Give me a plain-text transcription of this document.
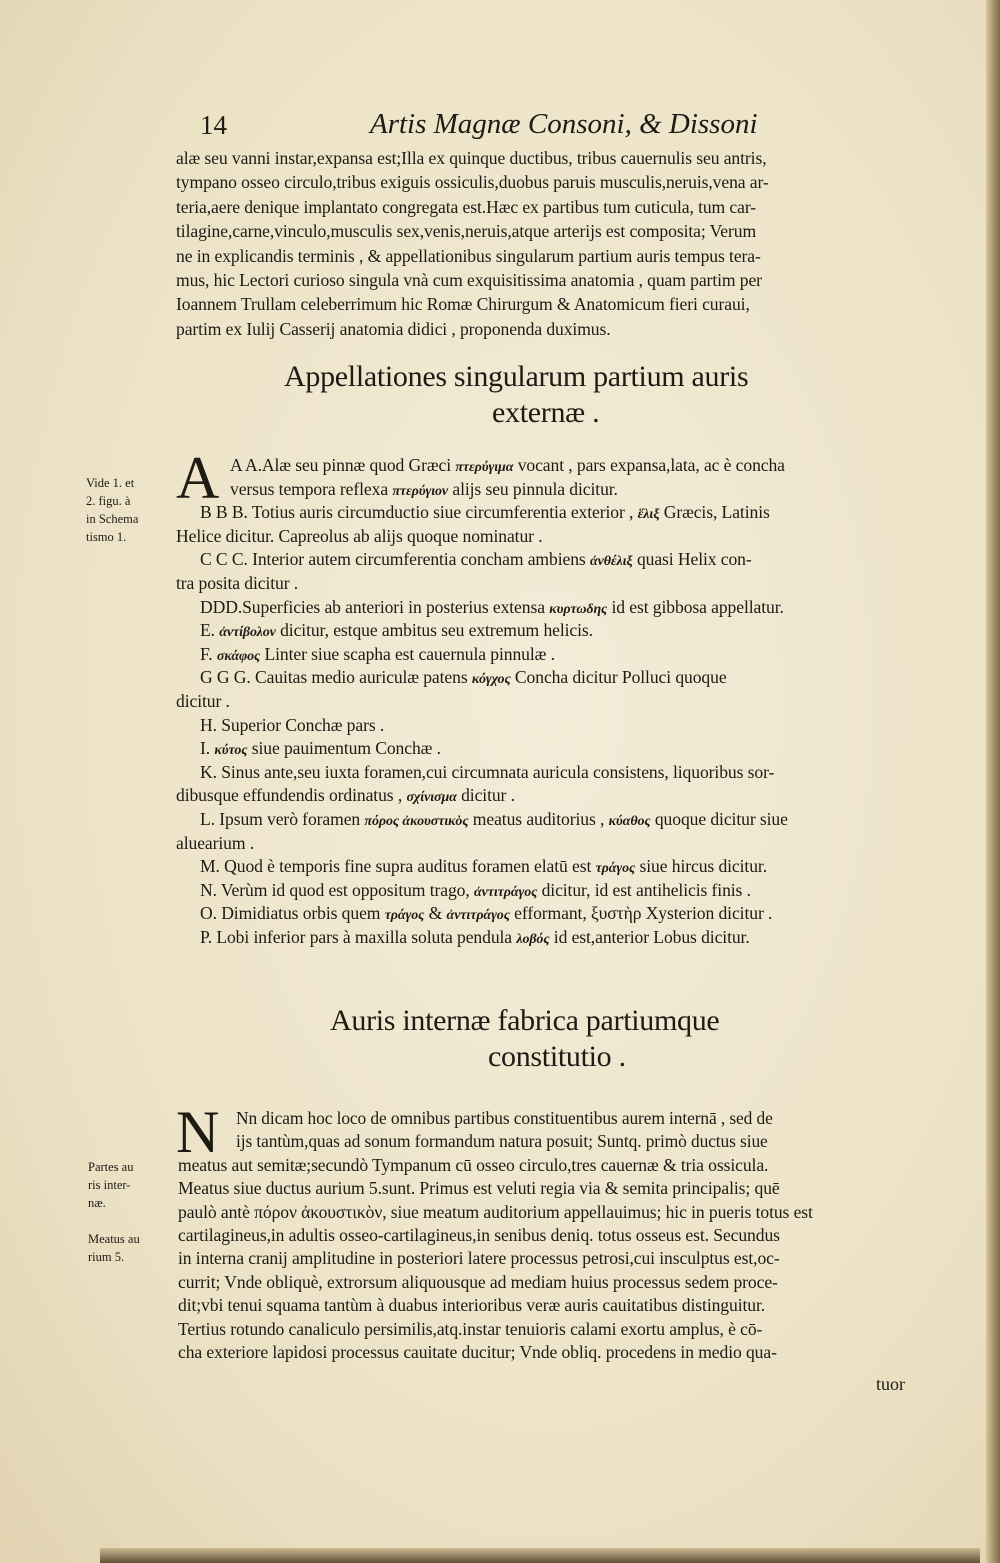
14	Artis Magnæ Consoni, & Dissoni
alæ seu vanni instar,expansa est;Illa ex quinque ductibus, tribus cauernulis seu antris,
tympano osseo circulo,tribus exiguis ossiculis,duobus paruis musculis,neruis,vena ar-
teria,aere denique implantato congregata est.Hæc ex partibus tum cuticula, tum car-
tilagine,carne,vinculo,musculis sex,venis,neruis,atque arterijs est composita; Verum
ne in explicandis terminis , & appellationibus singularum partium auris tempus tera-
mus, hic Lectori curioso singula vnà cum exquisitissima anatomia , quam partim per
Ioannem Trullam celeberrimum hic Romæ Chirurgum & Anatomicum fieri curaui,
partim ex Iulij Casserij anatomia didici , proponenda duximus.
Appellationes singularum partium auris
externæ .
A
Vide 1. et
2. figu. à
in Schema
tismo 1.
A A.Alæ seu pinnæ quod Græci πτερύγιμα vocant , pars expansa,lata, ac è concha
versus tempora reflexa πτερύγιον alijs seu pinnula dicitur.
B B B. Totius auris circumductio siue circumferentia exterior , ἕλιξ Græcis, Latinis
Helice dicitur. Capreolus ab alijs quoque nominatur .
C C C. Interior autem circumferentia concham ambiens ἀνθέλιξ quasi Helix con-
tra posita dicitur .
DDD.Superficies ab anteriori in posterius extensa κυρτωδης id est gibbosa appellatur.
E. ἀντίβολον dicitur, estque ambitus seu extremum helicis.
F. σκάφος Linter siue scapha est cauernula pinnulæ .
G G G. Cauitas medio auriculæ patens κόγχος Concha dicitur Polluci quoque
dicitur .
H. Superior Conchæ pars .
I. κύτος siue pauimentum Conchæ .
K. Sinus ante,seu iuxta foramen,cui circumnata auricula consistens, liquoribus sor-
dibusque effundendis ordinatus , σχίνισμα dicitur .
L. Ipsum verò foramen πόρος ἀκουστικὸς meatus auditorius , κύαθος quoque dicitur siue
aluearium .
M. Quod è temporis fine supra auditus foramen elatū est τράγος siue hircus dicitur.
N. Verùm id quod est oppositum trago, ἀντιτράγος dicitur, id est antihelicis finis .
O. Dimidiatus orbis quem τράγος & ἀντιτράγος efformant, ξυστὴρ Xysterion dicitur .
P. Lobi inferior pars à maxilla soluta pendula λοβός id est,anterior Lobus dicitur.
Auris internæ fabrica partiumque
constitutio .
N
Partes au
ris inter-
næ.
Meatus au
rium 5.
Nn dicam hoc loco de omnibus partibus constituentibus aurem internā , sed de
ijs tantùm,quas ad sonum formandum natura posuit; Suntq. primò ductus siue
meatus aut semitæ;secundò Tympanum cū osseo circulo,tres cauernæ & tria ossicula.
Meatus siue ductus aurium 5.sunt. Primus est veluti regia via & semita principalis; quē
paulò antè πόρον ἀκουστικὸν, siue meatum auditorium appellauimus; hic in pueris totus est
cartilagineus,in adultis osseo-cartilagineus,in senibus deniq. totus osseus est. Secundus
in interna cranij amplitudine in posteriori latere processus petrosi,cui insculptus est,oc-
currit; Vnde obliquè, extrorsum aliquousque ad mediam huius processus sedem proce-
dit;vbi tenui squama tantùm à duabus interioribus veræ auris cauitatibus distinguitur.
Tertius rotundo canaliculo persimilis,atq.instar tenuioris calami exortu amplus, è cō-
cha exteriore lapidosi processus cauitate ducitur; Vnde obliq. procedens in medio qua-
tuor
